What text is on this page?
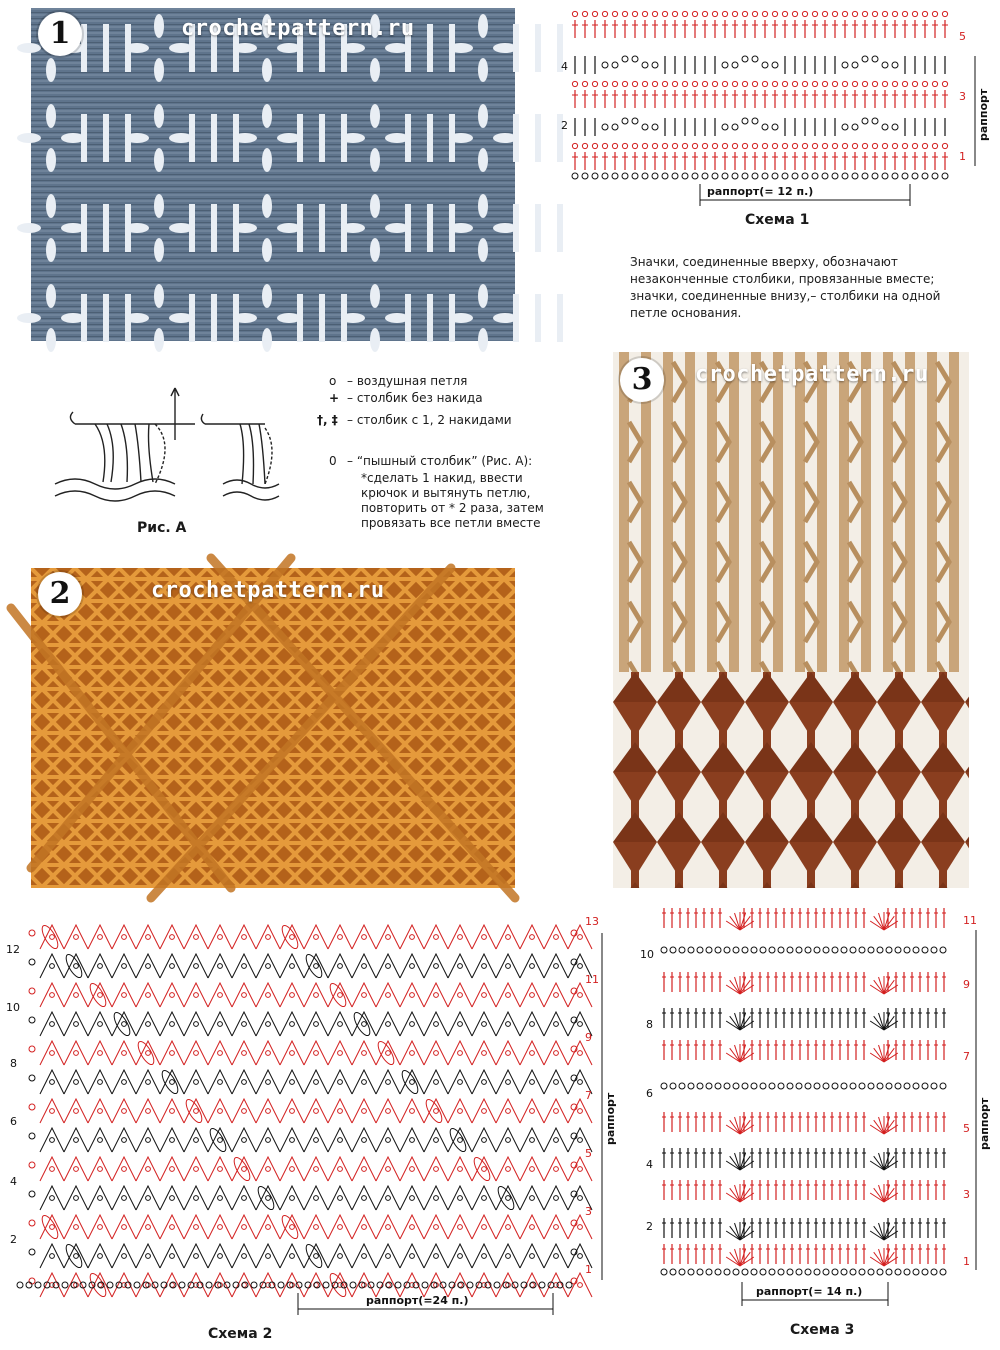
1	crochetpattern.ru
2	crochetpattern.ru
3	crochetpattern.ru
4
2
5
3
1
раппорт
раппорт(= 12 п.)
Схема 1
Значки, соединенные вверху, обозначают
незаконченные столбики, провязанные вместе;
значки, соединенные внизу,– столбики на одной
петле основания.
Рис. А
о – воздушная петля
+ – столбик без накида
†, ‡ – столбик с 1, 2 накидами
0 – “пышный столбик” (Рис. А):
*сделать 1 накид, ввести
крючок и вытянуть петлю,
повторить от * 2 раза, затем
провязать все петли вместе
12
10
8
6
4
2
13
11
9
7
5
3
1
раппорт
раппорт(=24 п.)
Схема 2
10
8
6
4
2
11
9
7
5
3
1
раппорт
раппорт(= 14 п.)
Схема 3
